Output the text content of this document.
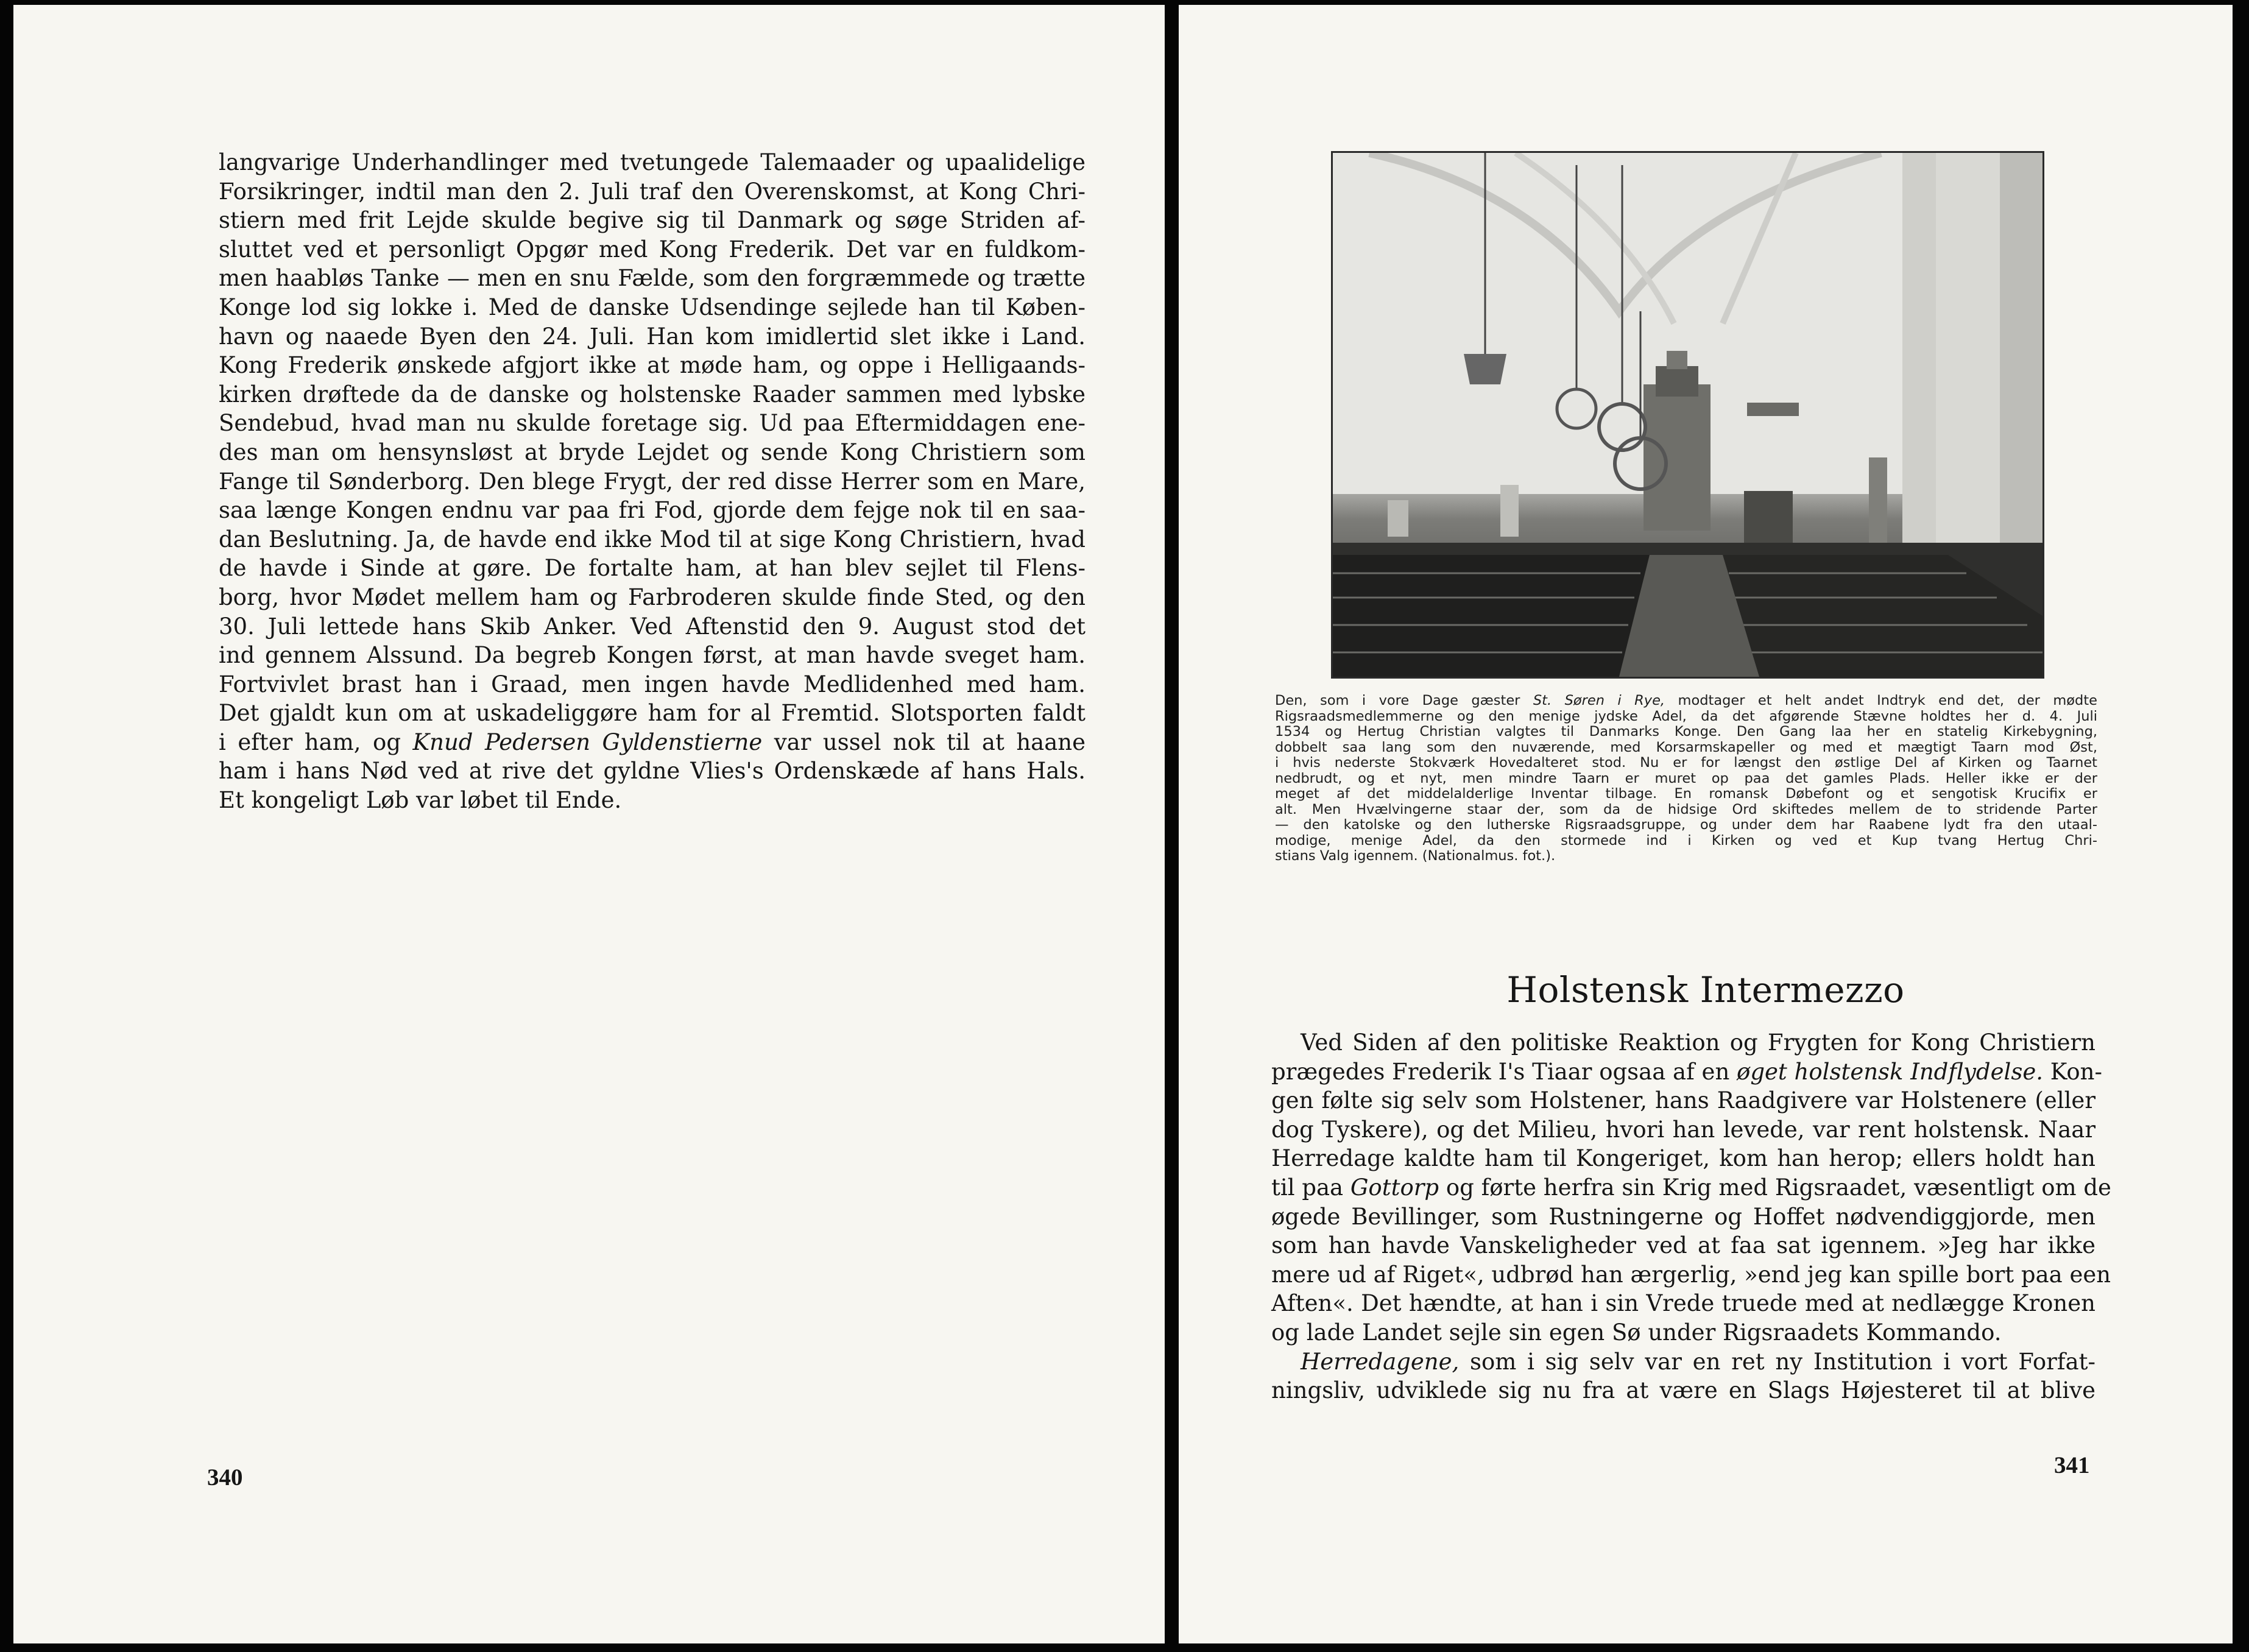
langvarige Underhandlinger med tvetungede Talemaader og upaalidelige
Forsikringer, indtil man den 2. Juli traf den Overenskomst, at Kong Chri-
stiern med frit Lejde skulde begive sig til Danmark og søge Striden af-
sluttet ved et personligt Opgør med Kong Frederik. Det var en fuldkom-
men haabløs Tanke — men en snu Fælde, som den forgræmmede og trætte
Konge lod sig lokke i. Med de danske Udsendinge sejlede han til Køben-
havn og naaede Byen den 24. Juli. Han kom imidlertid slet ikke i Land.
Kong Frederik ønskede afgjort ikke at møde ham, og oppe i Helligaands-
kirken drøftede da de danske og holstenske Raader sammen med lybske
Sendebud, hvad man nu skulde foretage sig. Ud paa Eftermiddagen ene-
des man om hensynsløst at bryde Lejdet og sende Kong Christiern som
Fange til Sønderborg. Den blege Frygt, der red disse Herrer som en Mare,
saa længe Kongen endnu var paa fri Fod, gjorde dem fejge nok til en saa-
dan Beslutning. Ja, de havde end ikke Mod til at sige Kong Christiern, hvad
de havde i Sinde at gøre. De fortalte ham, at han blev sejlet til Flens-
borg, hvor Mødet mellem ham og Farbroderen skulde finde Sted, og den
30. Juli lettede hans Skib Anker. Ved Aftenstid den 9. August stod det
ind gennem Alssund. Da begreb Kongen først, at man havde sveget ham.
Fortvivlet brast han i Graad, men ingen havde Medlidenhed med ham.
Det gjaldt kun om at uskadeliggøre ham for al Fremtid. Slotsporten faldt
i efter ham, og Knud Pedersen Gyldenstierne var ussel nok til at haane
ham i hans Nød ved at rive det gyldne Vlies's Ordenskæde af hans Hals.
Et kongeligt Løb var løbet til Ende.

340

Den, som i vore Dage gæster St. Søren i Rye, modtager et helt andet Indtryk end det, der mødte
Rigsraadsmedlemmerne og den menige jydske Adel, da det afgørende Stævne holdtes her d. 4. Juli
1534 og Hertug Christian valgtes til Danmarks Konge. Den Gang laa her en statelig Kirkebygning,
dobbelt saa lang som den nuværende, med Korsarmskapeller og med et mægtigt Taarn mod Øst,
i hvis nederste Stokværk Hovedalteret stod. Nu er for længst den østlige Del af Kirken og Taarnet
nedbrudt, og et nyt, men mindre Taarn er muret op paa det gamles Plads. Heller ikke er der
meget af det middelalderlige Inventar tilbage. En romansk Døbefont og et sengotisk Krucifix er
alt. Men Hvælvingerne staar der, som da de hidsige Ord skiftedes mellem de to stridende Parter
— den katolske og den lutherske Rigsraadsgruppe, og under dem har Raabene lydt fra den utaal-
modige, menige Adel, da den stormede ind i Kirken og ved et Kup tvang Hertug Chri-
stians Valg igennem. (Nationalmus. fot.).
Holstensk Intermezzo
Ved Siden af den politiske Reaktion og Frygten for Kong Christiern
prægedes Frederik I's Tiaar ogsaa af en øget holstensk Indflydelse. Kon-
gen følte sig selv som Holstener, hans Raadgivere var Holstenere (eller
dog Tyskere), og det Milieu, hvori han levede, var rent holstensk. Naar
Herredage kaldte ham til Kongeriget, kom han herop; ellers holdt han
til paa Gottorp og førte herfra sin Krig med Rigsraadet, væsentligt om de
øgede Bevillinger, som Rustningerne og Hoffet nødvendiggjorde, men
som han havde Vanskeligheder ved at faa sat igennem. »Jeg har ikke
mere ud af Riget«, udbrød han ærgerlig, »end jeg kan spille bort paa een
Aften«. Det hændte, at han i sin Vrede truede med at nedlægge Kronen
og lade Landet sejle sin egen Sø under Rigsraadets Kommando.
Herredagene, som i sig selv var en ret ny Institution i vort Forfat-
ningsliv, udviklede sig nu fra at være en Slags Højesteret til at blive

341
